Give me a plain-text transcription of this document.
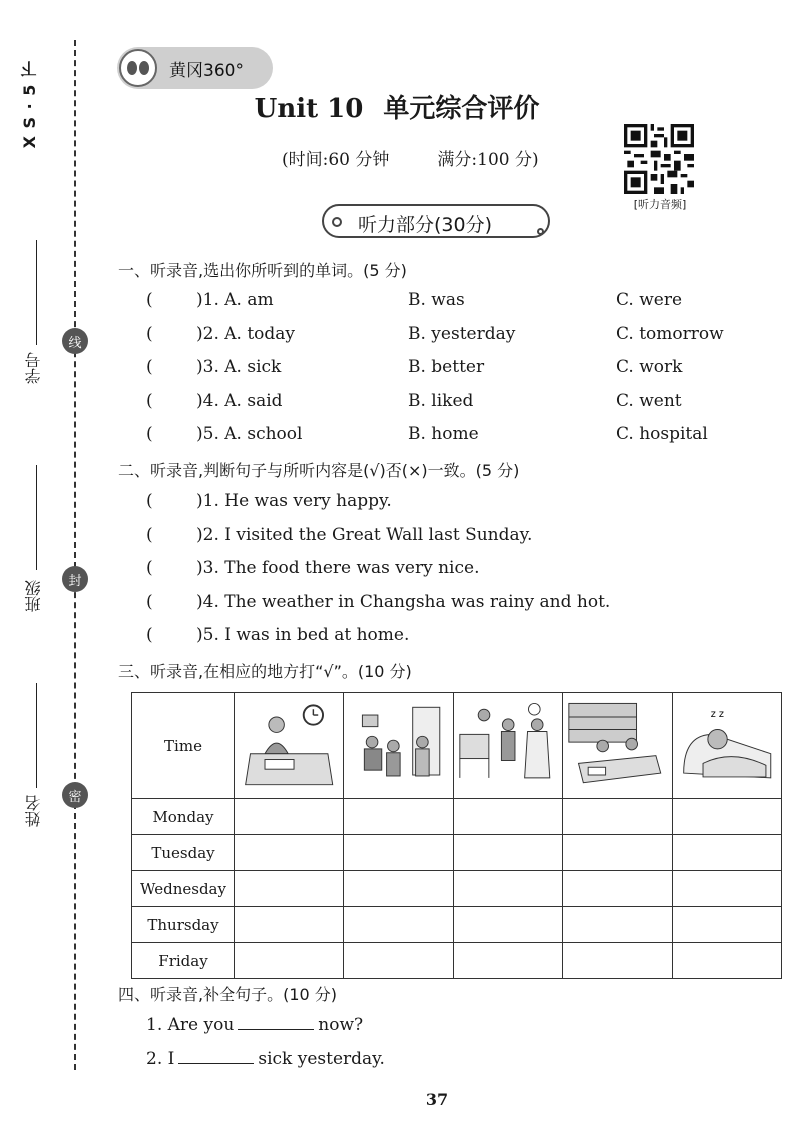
X S · 5 下
学号
班级
姓名
线
封
密
黄冈360°
Unit 10 单元综合评价
(时间:60 分钟	满分:100 分)
[听力音频]
听力部分(30分)
一、听录音,选出你所听到的单词。(5 分)
(	)1. A. am	B. was	C. were
(	)2. A. today	B. yesterday	C. tomorrow
(	)3. A. sick	B. better	C. work
(	)4. A. said	B. liked	C. went
(	)5. A. school	B. home	C. hospital
二、听录音,判断句子与所听内容是(√)否(×)一致。(5 分)
(	)1. He was very happy.
(	)2. I visited the Great Wall last Sunday.
(	)3. The food there was very nice.
(	)4. The weather in Changsha was rainy and hot.
(	)5. I was in bed at home.
三、听录音,在相应的地方打“√”。(10 分)
Time					z z

Monday					
Tuesday					
Wednesday					
Thursday					
Friday					
四、听录音,补全句子。(10 分)
1. Are you	now?
2. I	sick yesterday.
37
